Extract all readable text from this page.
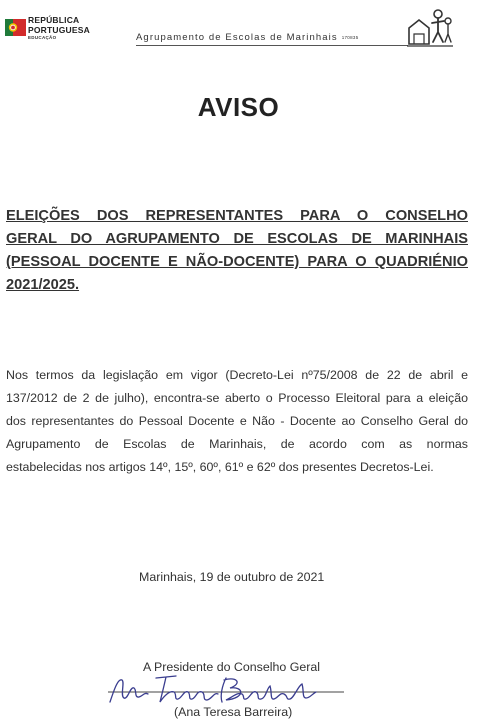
REPÚBLICA
PORTUGUESA
EDUCAÇÃO	Agrupamento de Escolas de Marinhais 170835
AVISO
ELEIÇÕES DOS REPRESENTANTES PARA O CONSELHO
GERAL DO AGRUPAMENTO DE ESCOLAS DE MARINHAIS
(PESSOAL DOCENTE E NÃO-DOCENTE) PARA O QUADRIÉNIO
2021/2025.
Nos termos da legislação em vigor (Decreto-Lei nº75/2008 de 22 de abril e
137/2012 de 2 de julho), encontra-se aberto o Processo Eleitoral para a eleição
dos representantes do Pessoal Docente e Não - Docente ao Conselho Geral do
Agrupamento de Escolas de Marinhais, de acordo com as normas
estabelecidas nos artigos 14º, 15º, 60º, 61º e 62º dos presentes Decretos-Lei.
Marinhais, 19 de outubro de 2021
A Presidente do Conselho Geral
(Ana Teresa Barreira)
